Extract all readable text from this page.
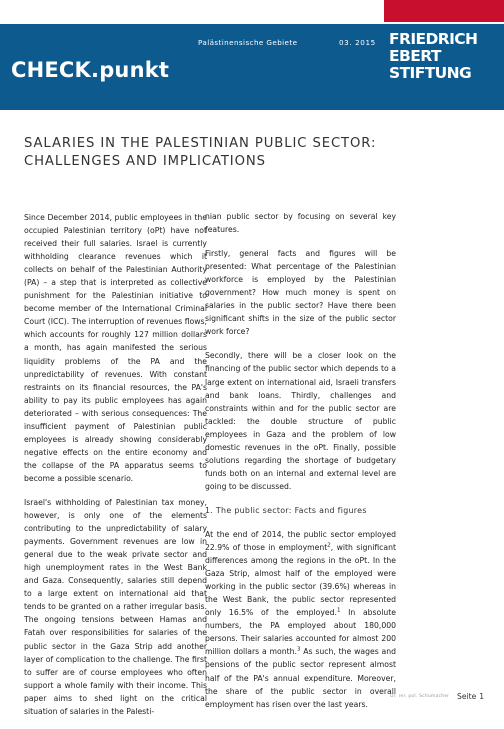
Palästinensische Gebiete	03. 2015
CHECK.punkt
FRIEDRICH
EBERT
STIFTUNG
SALARIES IN THE PALESTINIAN PUBLIC SECTOR:
CHALLENGES AND IMPLICATIONS

Since December 2014, public employees in the occupied Palestinian territory (oPt) have not received their full salaries. Israel is currently withholding clearance revenues which it collects on behalf of the Palestinian Authority (PA) – a step that is interpreted as collective punishment for the Palestinian initiative to become member of the International Criminal Court (ICC). The interruption of revenues flows, which accounts for roughly 127 million dollars a month, has again manifested the serious liquidity problems of the PA and the unpredictability of revenues. With constant restraints on its financial resources, the PA's ability to pay its public employees has again deteriorated – with serious consequences: The insufficient payment of Palestinian public employees is already showing considerably negative effects on the entire economy and the collapse of the PA apparatus seems to become a possible scenario.

Israel's withholding of Palestinian tax money, however, is only one of the elements contributing to the unpredictability of salary payments. Government revenues are low in general due to the weak private sector and high unemployment rates in the West Bank and Gaza. Consequently, salaries still depend to a large extent on international aid that tends to be granted on a rather irregular basis. The ongoing tensions between Hamas and Fatah over responsibilities for salaries of the public sector in the Gaza Strip add another layer of complication to the challenge. The first to suffer are of course employees who often support a whole family with their income. This paper aims to shed light on the critical situation of salaries in the Palesti-

nian public sector by focusing on several key features.

Firstly, general facts and figures will be presented: What percentage of the Palestinian workforce is employed by the Palestinian government? How much money is spent on salaries in the public sector? Have there been significant shifts in the size of the public sector work force?

Secondly, there will be a closer look on the financing of the public sector which depends to a large extent on international aid, Israeli transfers and bank loans. Thirdly, challenges and constraints within and for the public sector are tackled: the double structure of public employees in Gaza and the problem of low domestic revenues in the oPt. Finally, possible solutions regarding the shortage of budgetary funds both on an internal and external level are going to be discussed.

1. The public sector: Facts and figures

At the end of 2014, the public sector employed 22.9% of those in employment$^2$, with significant differences among the regions in the oPt. In the Gaza Strip, almost half of the employed were working in the public sector (39.6%) whereas in the West Bank, the public sector represented only 16.5% of the employed.$^1$ In absolute numbers, the PA employed about 180,000 persons. Their salaries accounted for almost 200 million dollars a month.$^3$ As such, the wages and pensions of the public sector represent almost half of the PA's annual expenditure. Moreover, the share of the public sector in overall employment has risen over the last years.

Dr. rer. pol. Schumacher	Seite 1
